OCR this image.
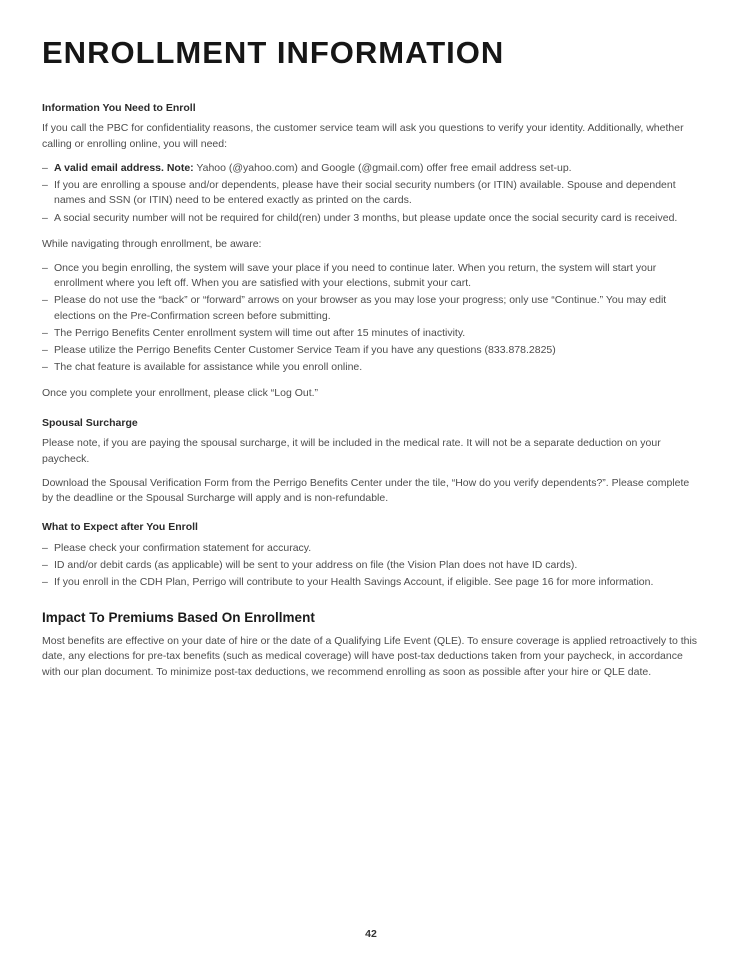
ENROLLMENT INFORMATION
Information You Need to Enroll

If you call the PBC for confidentiality reasons, the customer service team will ask you questions to verify your identity. Additionally, whether calling or enrolling online, you will need:

– A valid email address. Note: Yahoo (@yahoo.com) and Google (@gmail.com) offer free email address set-up.
– If you are enrolling a spouse and/or dependents, please have their social security numbers (or ITIN) available. Spouse and dependent names and SSN (or ITIN) need to be entered exactly as printed on the cards.
– A social security number will not be required for child(ren) under 3 months, but please update once the social security card is received.

While navigating through enrollment, be aware:

– Once you begin enrolling, the system will save your place if you need to continue later. When you return, the system will start your enrollment where you left off. When you are satisfied with your elections, submit your cart.
– Please do not use the “back” or “forward” arrows on your browser as you may lose your progress; only use “Continue.” You may edit elections on the Pre-Confirmation screen before submitting.
– The Perrigo Benefits Center enrollment system will time out after 15 minutes of inactivity.
– Please utilize the Perrigo Benefits Center Customer Service Team if you have any questions (833.878.2825)
– The chat feature is available for assistance while you enroll online.

Once you complete your enrollment, please click “Log Out.”

Spousal Surcharge

Please note, if you are paying the spousal surcharge, it will be included in the medical rate. It will not be a separate deduction on your paycheck.

Download the Spousal Verification Form from the Perrigo Benefits Center under the tile, “How do you verify dependents?”. Please complete by the deadline or the Spousal Surcharge will apply and is non-refundable.

What to Expect after You Enroll
– Please check your confirmation statement for accuracy.
– ID and/or debit cards (as applicable) will be sent to your address on file (the Vision Plan does not have ID cards).
– If you enroll in the CDH Plan, Perrigo will contribute to your Health Savings Account, if eligible. See page 16 for more information.
Impact To Premiums Based On Enrollment

Most benefits are effective on your date of hire or the date of a Qualifying Life Event (QLE). To ensure coverage is applied retroactively to this date, any elections for pre-tax benefits (such as medical coverage) will have post-tax deductions taken from your paycheck, in accordance with our plan document. To minimize post-tax deductions, we recommend enrolling as soon as possible after your hire or QLE date.

42
